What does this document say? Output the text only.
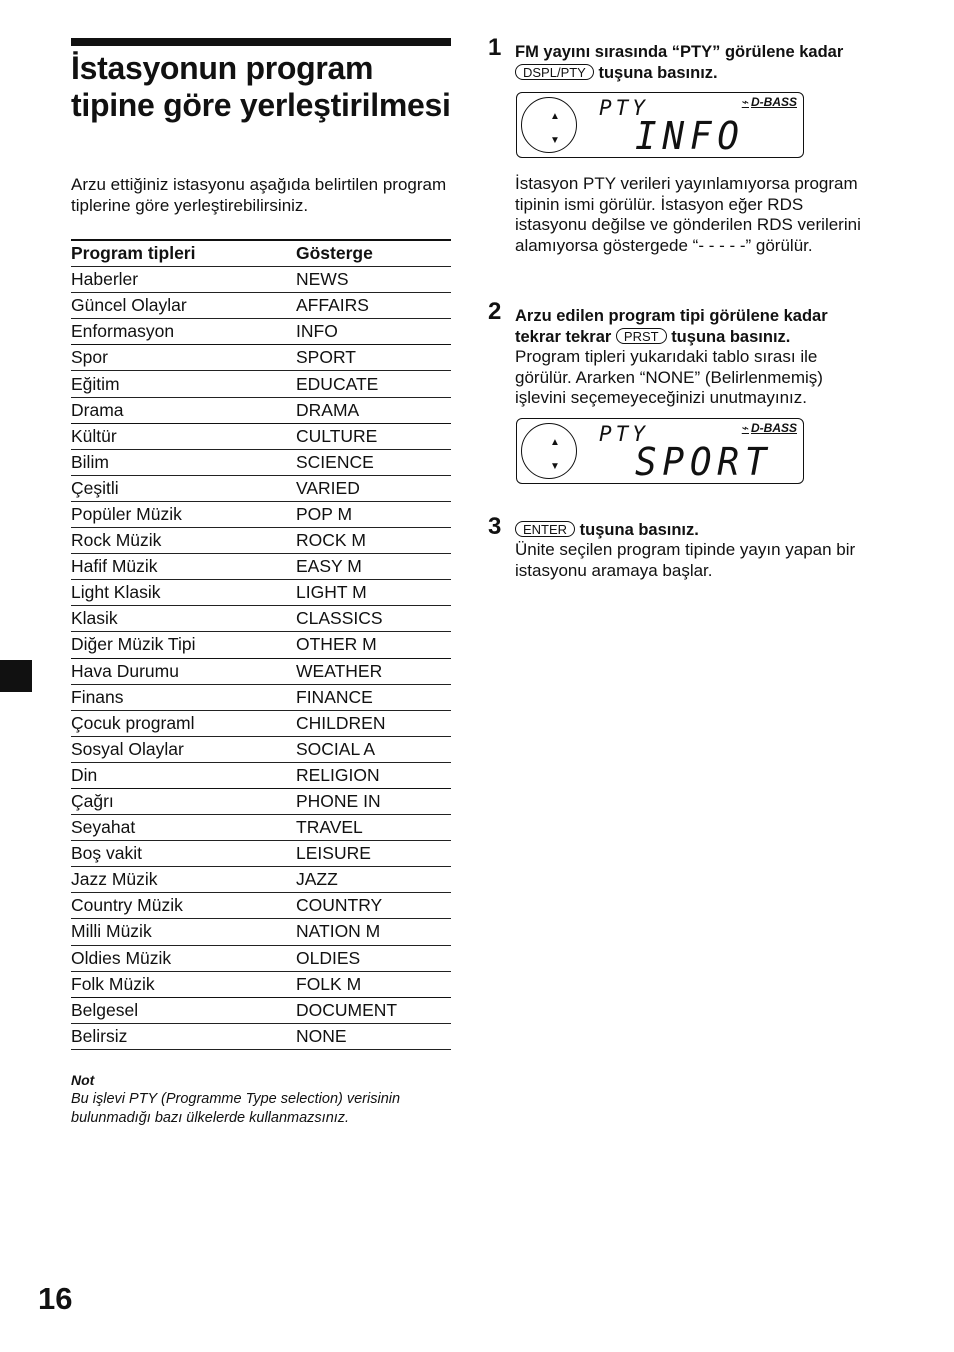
İstasyonun program tipine göre yerleştirilmesi

Arzu ettiğiniz istasyonu aşağıda belirtilen program tiplerine göre yerleştirebilirsiniz.

Program tipleri	Gösterge
Haberler	NEWS
Güncel Olaylar	AFFAIRS
Enformasyon	INFO
Spor	SPORT
Eğitim	EDUCATE
Drama	DRAMA
Kültür	CULTURE
Bilim	SCIENCE
Çeşitli	VARIED
Popüler Müzik	POP M
Rock Müzik	ROCK M
Hafif Müzik	EASY M
Light Klasik	LIGHT M
Klasik	CLASSICS
Diğer Müzik Tipi	OTHER M
Hava Durumu	WEATHER
Finans	FINANCE
Çocuk programl	CHILDREN
Sosyal Olaylar	SOCIAL A
Din	RELIGION
Çağrı	PHONE IN
Seyahat	TRAVEL
Boş vakit	LEISURE
Jazz Müzik	JAZZ
Country Müzik	COUNTRY
Milli Müzik	NATION M
Oldies Müzik	OLDIES
Folk Müzik	FOLK M
Belgesel	DOCUMENT
Belirsiz	NONE

Not

Bu işlevi PTY (Programme Type selection) verisinin bulunmadığı bazı ülkelerde kullanmazsınız.

16
1 FM yayını sırasında “PTY” görülene kadar DSPL/PTY tuşuna basınız.

▲
▼
PTY	⌁ D-BASS
INFO

İstasyon PTY verileri yayınlamıyorsa program tipinin ismi görülür. İstasyon eğer RDS istasyonu değilse ve gönderilen RDS verilerini alamıyorsa göstergede “- - - - -” görülür.

2 Arzu edilen program tipi görülene kadar tekrar tekrar PRST tuşuna basınız.

Program tipleri yukarıdaki tablo sırası ile görülür. Ararken “NONE” (Belirlenmemiş) işlevini seçemeyeceğinizi unutmayınız.

▲
▼
PTY	⌁ D-BASS
SPORT
3	ENTER tuşuna basınız.

Ünite seçilen program tipinde yayın yapan bir istasyonu aramaya başlar.
